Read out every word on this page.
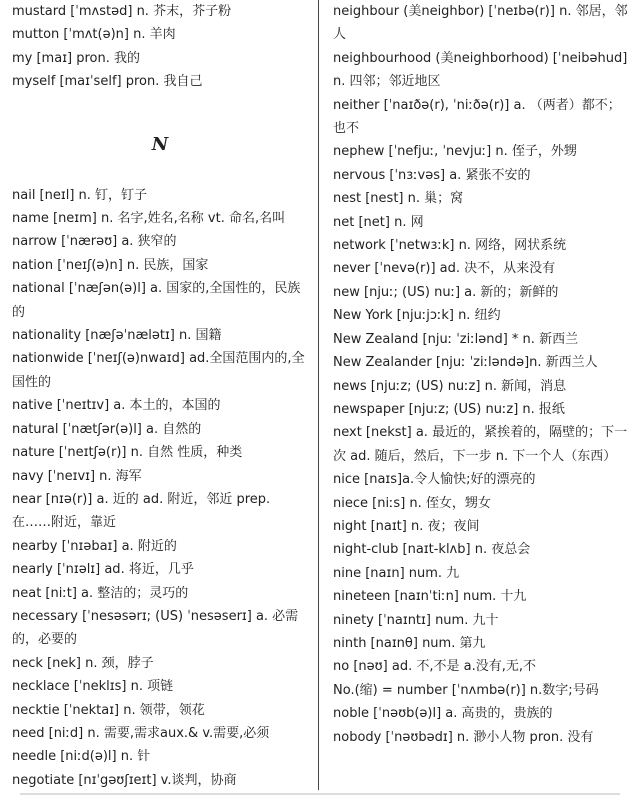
mustard [ˈmʌstəd] n. 芥末，芥子粉

mutton [ˈmʌt(ə)n] n. 羊肉

my [maɪ] pron. 我的

myself [maɪˈself] pron. 我自己

N

nail [neɪl] n. 钉，钉子

name [neɪm] n. 名字,姓名,名称 vt. 命名,名叫

narrow [ˈnærəʊ] a. 狭窄的

nation [ˈneɪʃ(ə)n] n. 民族，国家

national [ˈnæʃən(ə)l] a. 国家的,全国性的，民族的

nationality [næʃəˈnælətɪ] n. 国籍

nationwide [ˈneɪʃ(ə)nwaɪd] ad.全国范围内的,全国性的

native [ˈneɪtɪv] a. 本土的，本国的

natural [ˈnætʃər(ə)l] a. 自然的

nature [ˈneɪtʃə(r)] n. 自然 性质，种类

navy [ˈneɪvɪ] n. 海军

near [nɪə(r)] a. 近的 ad. 附近，邻近 prep. 在……附近，靠近

nearby [ˈnɪəbaɪ] a. 附近的

nearly [ˈnɪəlɪ] ad. 将近，几乎

neat [niːt] a. 整洁的；灵巧的

necessary [ˈnesəsərɪ; (US) ˈnesəserɪ] a. 必需的，必要的

neck [nek] n. 颈，脖子

necklace [ˈneklɪs] n. 项链

necktie [ˈnektaɪ] n. 领带，领花

need [niːd] n. 需要,需求aux.& v.需要,必须

needle [niːd(ə)l] n. 针

negotiate [nɪˈgəʊʃɪeɪt] v.谈判，协商

neighbour (美neighbor) [ˈneɪbə(r)] n. 邻居，邻人

neighbourhood (美neighborhood) [ˈneibəhud] n. 四邻；邻近地区

neither [ˈnaɪðə(r), ˈniːðə(r)] a. （两者）都不；也不

nephew [ˈnefjuː, ˈnevjuː] n. 侄子，外甥

nervous [ˈnɜːvəs] a. 紧张不安的

nest [nest] n. 巢；窝

net [net] n. 网

network [ˈnetwɜːk] n. 网络，网状系统

never [ˈnevə(r)] ad. 决不，从来没有

new [njuː; (US) nuː] a. 新的；新鲜的

New York [njuːjɔːk] n. 纽约

New Zealand [njuː ˈziːlənd] * n. 新西兰

New Zealander [njuː ˈziːləndə]n. 新西兰人

news [njuːz; (US) nuːz] n. 新闻，消息

newspaper [njuːz; (US) nuːz] n. 报纸

next [nekst] a. 最近的，紧挨着的，隔壁的；下一次 ad. 随后，然后，下一步 n. 下一个人（东西）

nice [naɪs]a.令人愉快;好的漂亮的

niece [niːs] n. 侄女，甥女

night [naɪt] n. 夜；夜间

night-club [naɪt-klʌb] n. 夜总会

nine [naɪn] num. 九

nineteen [naɪnˈtiːn] num. 十九

ninety [ˈnaɪntɪ] num. 九十

ninth [naɪnθ] num. 第九

no [nəʊ] ad. 不,不是 a.没有,无,不

No.(缩) = number [ˈnʌmbə(r)] n.数字;号码

noble [ˈnəʊb(ə)l] a. 高贵的，贵族的

nobody [ˈnəʊbədɪ] n. 渺小人物 pron. 没有
